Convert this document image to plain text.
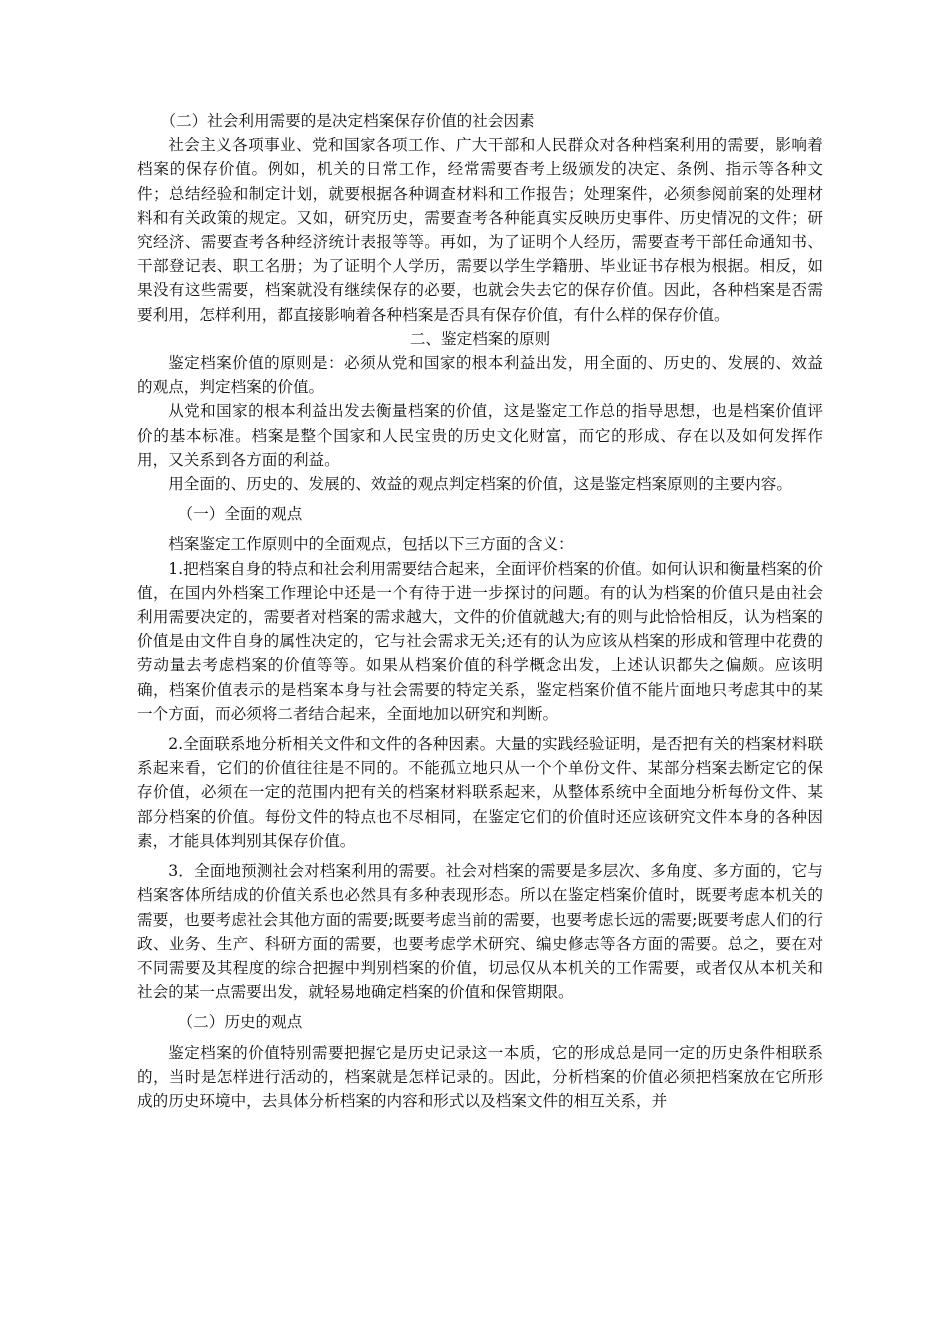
（二）社会利用需要的是决定档案保存价值的社会因素

社会主义各项事业、党和国家各项工作、广大干部和人民群众对各种档案利用的需要，影响着档案的保存价值。例如，机关的日常工作，经常需要杳考上级颁发的决定、条例、指示等各种文件；总结经验和制定计划，就要根据各种调查材料和工作报告；处理案件，必须参阅前案的处理材料和有关政策的规定。又如，研究历史，需要查考各种能真实反映历史事件、历史情况的文件；研究经济、需要查考各种经济统计表报等等。再如，为了证明个人经历，需要查考干部任命通知书、干部登记表、职工名册；为了证明个人学历，需要以学生学籍册、毕业证书存根为根据。相反，如果没有这些需要，档案就没有继续保存的必要，也就会失去它的保存价值。因此，各种档案是否需要利用，怎样利用，都直接影响着各种档案是否具有保存价值，有什么样的保存价值。

二、鉴定档案的原则

鉴定档案价值的原则是：必须从党和国家的根本利益出发，用全面的、历史的、发展的、效益的观点，判定档案的价值。

从党和国家的根本利益出发去衡量档案的价值，这是鉴定工作总的指导思想，也是档案价值评价的基本标准。档案是整个国家和人民宝贵的历史文化财富，而它的形成、存在以及如何发挥作用，又关系到各方面的利益。

用全面的、历史的、发展的、效益的观点判定档案的价值，这是鉴定档案原则的主要内容。

（一）全面的观点

档案鉴定工作原则中的全面观点，包括以下三方面的含义：

1.把档案自身的特点和社会利用需要结合起来，全面评价档案的价值。如何认识和衡量档案的价值，在国内外档案工作理论中还是一个有待于进一步探讨的问题。有的认为档案的价值只是由社会利用需要决定的，需要者对档案的需求越大，文件的价值就越大;有的则与此恰恰相反，认为档案的价值是由文件自身的属性决定的，它与社会需求无关;还有的认为应该从档案的形成和管理中花费的劳动量去考虑档案的价值等等。如果从档案价值的科学概念出发，上述认识都失之偏颇。应该明确，档案价值表示的是档案本身与社会需要的特定关系，鉴定档案价值不能片面地只考虑其中的某一个方面，而必须将二者结合起来，全面地加以研究和判断。

2.全面联系地分析相关文件和文件的各种因素。大量的实践经验证明，是否把有关的档案材料联系起来看，它们的价值往往是不同的。不能孤立地只从一个个单份文件、某部分档案去断定它的保存价值，必须在一定的范围内把有关的档案材料联系起来，从整体系统中全面地分析每份文件、某部分档案的价值。每份文件的特点也不尽相同，在鉴定它们的价值时还应该研究文件本身的各种因素，才能具体判别其保存价值。

3．全面地预测社会对档案利用的需要。社会对档案的需要是多层次、多角度、多方面的，它与档案客体所结成的价值关系也必然具有多种表现形态。所以在鉴定档案价值时，既要考虑本机关的需要，也要考虑社会其他方面的需要;既要考虑当前的需要，也要考虑长远的需要;既要考虑人们的行政、业务、生产、科研方面的需要，也要考虑学术研究、编史修志等各方面的需要。总之，要在对不同需要及其程度的综合把握中判别档案的价值，切忌仅从本机关的工作需要，或者仅从本机关和社会的某一点需要出发，就轻易地确定档案的价值和保管期限。

（二）历史的观点

鉴定档案的价值特别需要把握它是历史记录这一本质，它的形成总是同一定的历史条件相联系的，当时是怎样进行活动的，档案就是怎样记录的。因此，分析档案的价值必须把档案放在它所形成的历史环境中，去具体分析档案的内容和形式以及档案文件的相互关系，并
